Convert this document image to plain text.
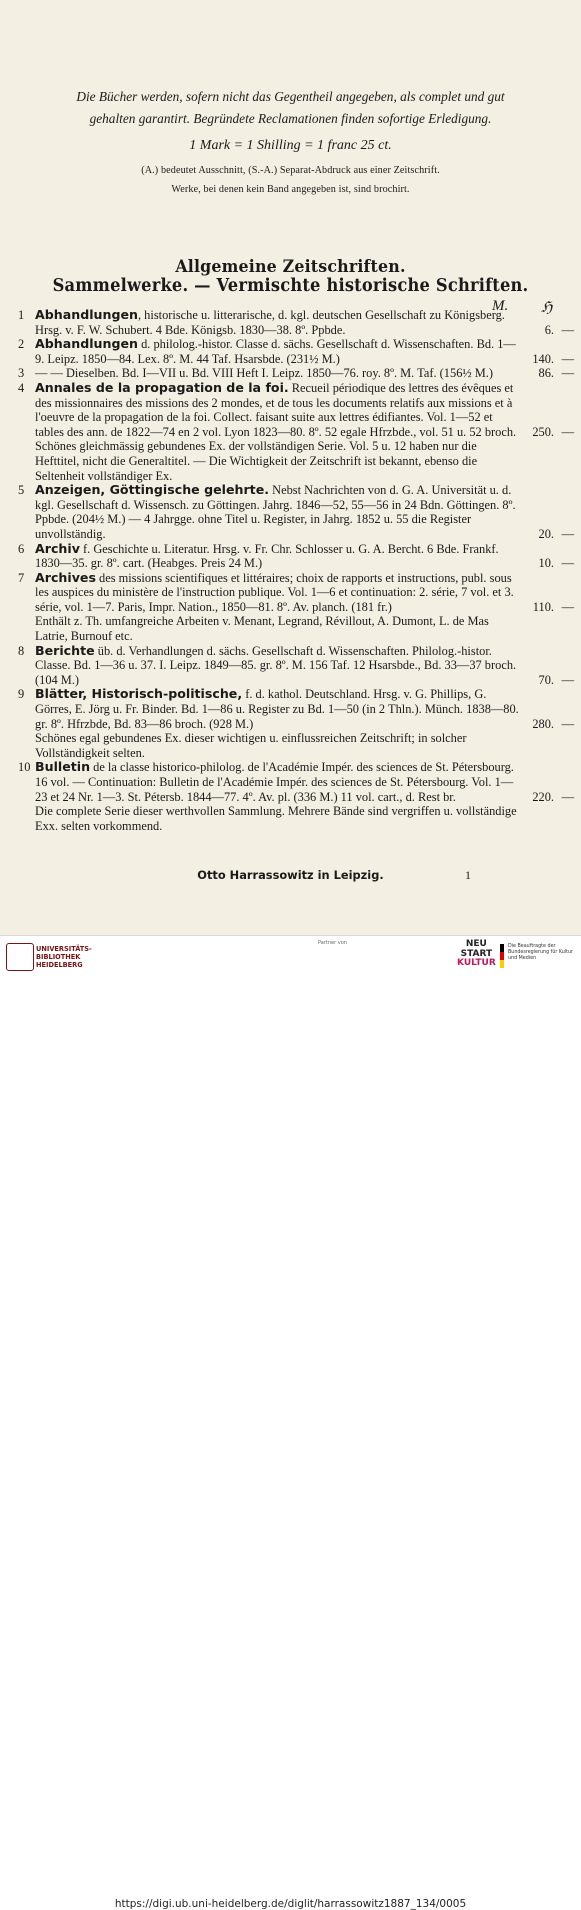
Die Bücher werden, sofern nicht das Gegentheil angegeben, als complet und gut
gehalten garantirt. Begründete Reclamationen finden sofortige Erledigung.
1 Mark = 1 Shilling = 1 franc 25 ct.
(A.) bedeutet Ausschnitt, (S.-A.) Separat-Abdruck aus einer Zeitschrift.
Werke, bei denen kein Band angegeben ist, sind brochirt.
Allgemeine Zeitschriften.
Sammelwerke. — Vermischte historische Schriften.
M. ℌ

1 Abhandlungen, historische u. litterarische, d. kgl. deutschen Gesellschaft zu Königsberg. Hrsg. v. F. W. Schubert. 4 Bde. Königsb. 1830—38. 8º. Ppbde.	6. —

2 Abhandlungen d. philolog.-histor. Classe d. sächs. Gesellschaft d. Wissenschaften. Bd. 1—9. Leipz. 1850—84. Lex. 8º. M. 44 Taf. Hsarsbde. (231½ M.)	140. —

3 — — Dieselben. Bd. I—VII u. Bd. VIII Heft I. Leipz. 1850—76. roy. 8º. M. Taf. (156½ M.)	86. —

4 Annales de la propagation de la foi. Recueil périodique des lettres des évêques et des missionnaires des missions des 2 mondes, et de tous les documents relatifs aux missions et à l'oeuvre de la propagation de la foi. Collect. faisant suite aux lettres édifiantes. Vol. 1—52 et tables des ann. de 1822—74 en 2 vol. Lyon 1823—80. 8º. 52 egale Hfrzbde., vol. 51 u. 52 broch. 250. —

Schönes gleichmässig gebundenes Ex. der vollständigen Serie. Vol. 5 u. 12 haben nur die Hefttitel, nicht die Generaltitel. — Die Wichtigkeit der Zeitschrift ist bekannt, ebenso die Seltenheit vollständiger Ex.

5 Anzeigen, Göttingische gelehrte. Nebst Nachrichten von d. G. A. Universität u. d. kgl. Gesellschaft d. Wissensch. zu Göttingen. Jahrg. 1846—52, 55—56 in 24 Bdn. Göttingen. 8º. Ppbde. (204½ M.) — 4 Jahrgge. ohne Titel u. Register, in Jahrg. 1852 u. 55 die Register unvollständig.	20. —

6 Archiv f. Geschichte u. Literatur. Hrsg. v. Fr. Chr. Schlosser u. G. A. Bercht. 6 Bde. Frankf. 1830—35. gr. 8º. cart. (Heabges. Preis 24 M.)	10. —

7 Archives des missions scientifiques et littéraires; choix de rapports et instructions, publ. sous les auspices du ministère de l'instruction publique. Vol. 1—6 et continuation: 2. série, 7 vol. et 3. série, vol. 1—7. Paris, Impr. Nation., 1850—81. 8º. Av. planch. (181 fr.)	110. —

Enthält z. Th. umfangreiche Arbeiten v. Menant, Legrand, Révillout, A. Dumont, L. de Mas Latrie, Burnouf etc.

8 Berichte üb. d. Verhandlungen d. sächs. Gesellschaft d. Wissenschaften. Philolog.-histor. Classe. Bd. 1—36 u. 37. I. Leipz. 1849—85. gr. 8º. M. 156 Taf. 12 Hsarsbde., Bd. 33—37 broch. (104 M.)	70. —

9 Blätter, Historisch-politische, f. d. kathol. Deutschland. Hrsg. v. G. Phillips, G. Görres, E. Jörg u. Fr. Binder. Bd. 1—86 u. Register zu Bd. 1—50 (in 2 Thln.). Münch. 1838—80. gr. 8º. Hfrzbde, Bd. 83—86 broch. (928 M.)	280. —

Schönes egal gebundenes Ex. dieser wichtigen u. einflussreichen Zeitschrift; in solcher Vollständigkeit selten.

10 Bulletin de la classe historico-philolog. de l'Académie Impér. des sciences de St. Pétersbourg. 16 vol. — Continuation: Bulletin de l'Académie Impér. des sciences de St. Pétersbourg. Vol. 1—23 et 24 Nr. 1—3. St. Pétersb. 1844—77. 4º. Av. pl. (336 M.) 11 vol. cart., d. Rest br.	220. —

Die complete Serie dieser werthvollen Sammlung. Mehrere Bände sind vergriffen u. vollständige Exx. selten vorkommend.
Otto Harrassowitz in Leipzig.	1
UNIVERSITÄTS-
BIBLIOTHEK
HEIDELBERG
Partner von	NEU
START
KULTUR
Die Beauftragte der Bundesregierung für Kultur und Medien
https://digi.ub.uni-heidelberg.de/diglit/harrassowitz1887_134/0005
